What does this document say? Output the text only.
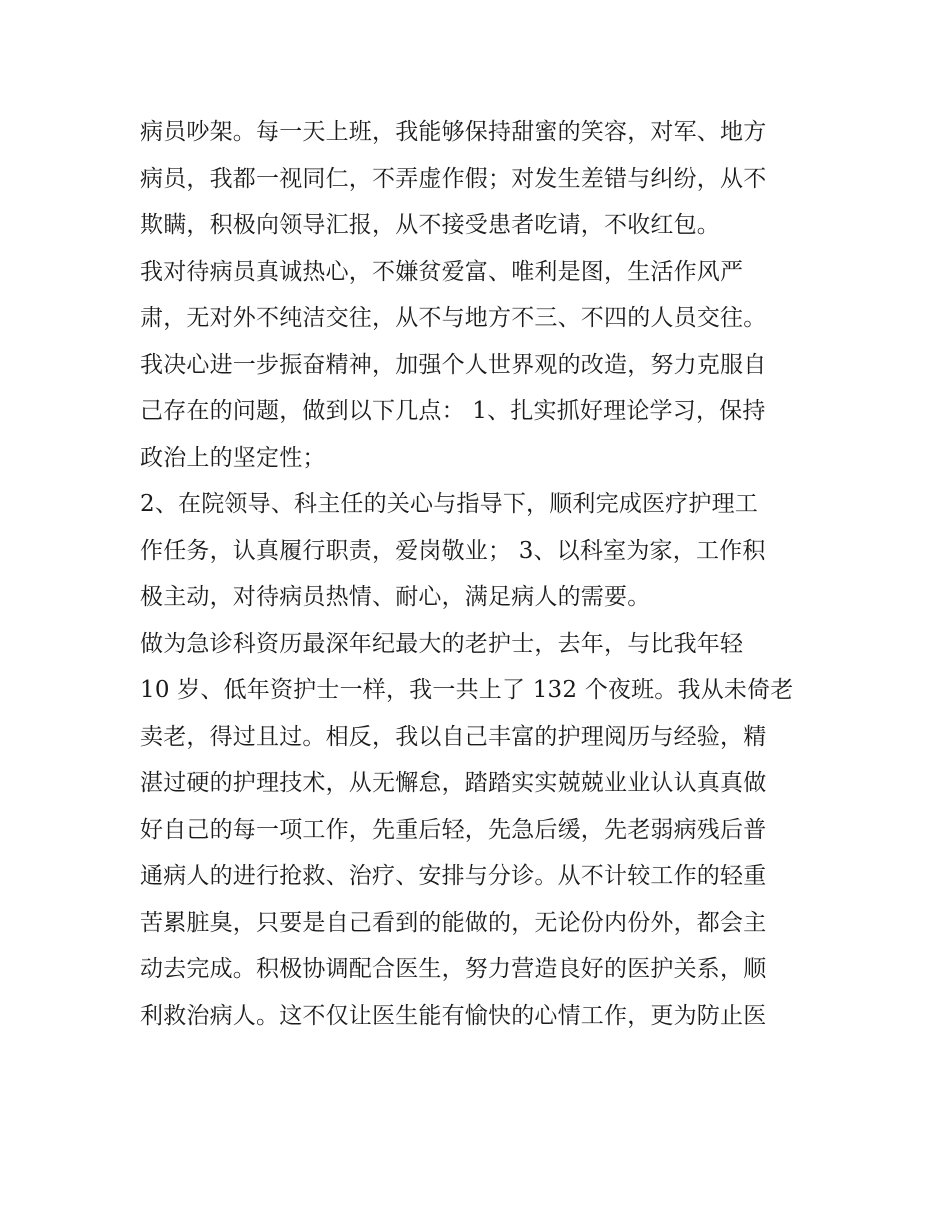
病员吵架。每一天上班，我能够保持甜蜜的笑容，对军、地方
病员，我都一视同仁，不弄虚作假；对发生差错与纠纷，从不
欺瞒，积极向领导汇报，从不接受患者吃请，不收红包。
我对待病员真诚热心，不嫌贫爱富、唯利是图，生活作风严
肃，无对外不纯洁交往，从不与地方不三、不四的人员交往。
我决心进一步振奋精神，加强个人世界观的改造，努力克服自
己存在的问题，做到以下几点： 1、扎实抓好理论学习，保持
政治上的坚定性；
2、在院领导、科主任的关心与指导下，顺利完成医疗护理工
作任务，认真履行职责，爱岗敬业； 3、以科室为家，工作积
极主动，对待病员热情、耐心，满足病人的需要。
做为急诊科资历最深年纪最大的老护士，去年，与比我年轻
10 岁、低年资护士一样，我一共上了 132 个夜班。我从未倚老
卖老，得过且过。相反，我以自己丰富的护理阅历与经验，精
湛过硬的护理技术，从无懈怠，踏踏实实兢兢业业认认真真做
好自己的每一项工作，先重后轻，先急后缓，先老弱病残后普
通病人的进行抢救、治疗、安排与分诊。从不计较工作的轻重
苦累脏臭，只要是自己看到的能做的，无论份内份外，都会主
动去完成。积极协调配合医生，努力营造良好的医护关系，顺
利救治病人。这不仅让医生能有愉快的心情工作，更为防止医
